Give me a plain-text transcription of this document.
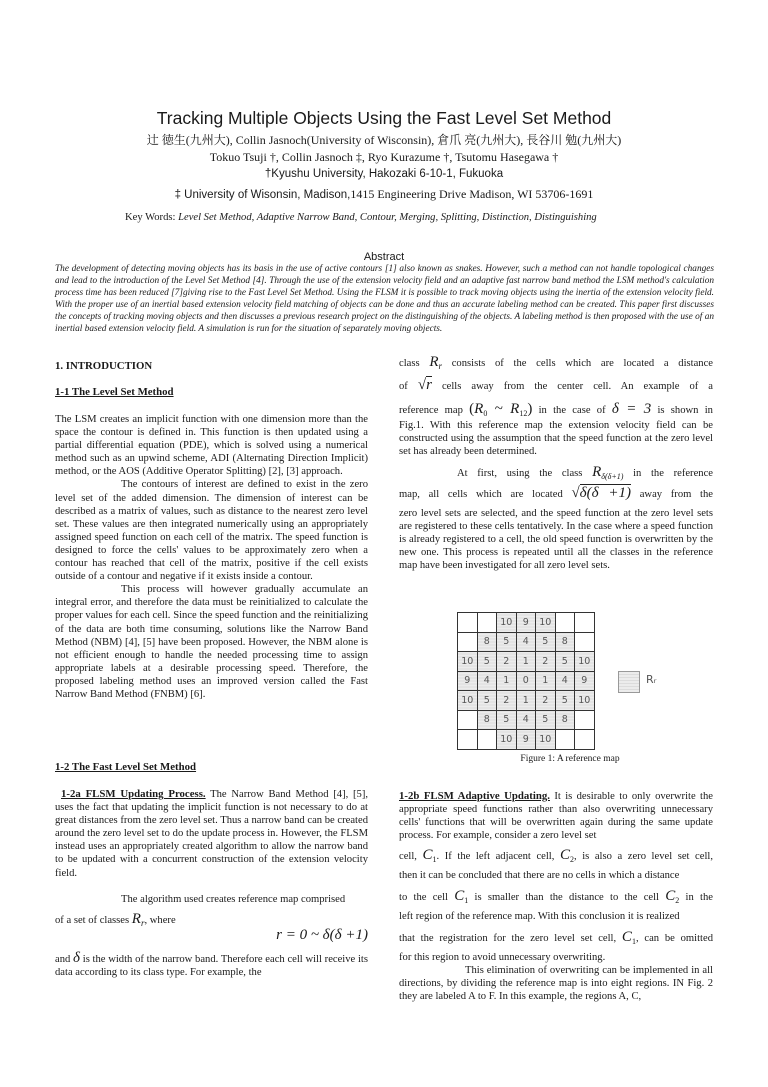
Tracking Multiple Objects Using the Fast Level Set Method
辻 徳生(九州大), Collin Jasnoch(University of Wisconsin), 倉爪 亮(九州大), 長谷川 勉(九州大)
Tokuo Tsuji †, Collin Jasnoch ‡, Ryo Kurazume †, Tsutomu Hasegawa †
†Kyushu University, Hakozaki 6-10-1, Fukuoka
‡ University of Wisonsin, Madison,1415 Engineering Drive Madison, WI 53706-1691
Key Words: Level Set Method, Adaptive Narrow Band, Contour, Merging, Splitting, Distinction, Distinguishing
Abstract
The development of detecting moving objects has its basis in the use of active contours [1] also known as snakes. However, such a method can not handle topological changes and lead to the introduction of the Level Set Method [4]. Through the use of the extension velocity field and an adaptive fast narrow band method the LSM method's calculation process time has been reduced [7]giving rise to the Fast Level Set Method. Using the FLSM it is possible to track moving objects using the inertia of the extension velocity field. With the proper use of an inertial based extension velocity field matching of objects can be done and thus an accurate labeling method can be created. This paper first discusses the concepts of tracking moving objects and then discusses a previous research project on the distinguishing of the objects. A labeling method is then proposed with the use of an inertial based extension velocity field. A simulation is run for the situation of separately moving objects.
1. INTRODUCTION
1-1 The Level Set Method
The LSM creates an implicit function with one dimension more than the space the contour is defined in. This function is then updated using a partial differential equation (PDE), which is solved using a numerical method such as an upwind scheme, ADI (Alternating Direction Implicit) method, or the AOS (Additive Operator Splitting) [2], [3] approach.
The contours of interest are defined to exist in the zero level set of the added dimension. The dimension of interest can be described as a matrix of values, such as distance to the nearest zero level set. These values are then integrated numerically using an appropriately assigned speed function on each cell of the matrix. The speed function is designed to force the cells' values to be approximately zero when a contour has reached that cell of the matrix, positive if the cell exists outside of a contour and negative if it exists inside a contour.
This process will however gradually accumulate an integral error, and therefore the data must be reinitialized to calculate the proper values for each cell. Since the speed function and the reinitializing of the data are both time consuming, solutions like the Narrow Band Method (NBM) [4], [5] have been proposed. However, the NBM alone is not efficient enough to handle the needed processing time to assign appropriate labels at a desirable processing speed. Therefore, the proposed labeling method uses an improved version called the Fast Narrow Band Method (FNBM) [6].
1-2 The Fast Level Set Method
1-2a FLSM Updating Process. The Narrow Band Method [4], [5], uses the fact that updating the implicit function is not necessary to do at great distances from the zero level set. Thus a narrow band can be created around the zero level set to do the update process in. However, the FLSM instead uses an appropriately created algorithm to allow the narrow band to be updated with a concurrent construction of the extension velocity field.
The algorithm used creates reference map comprised
of a set of classes $R_r$, where
r = 0 ~ δ(δ +1)
and δ is the width of the narrow band. Therefore each cell will receive its data according to its class type. For example, the
class $R_r$ consists of the cells which are located a distance
of √r cells away from the center cell. An example of a
reference map ($R_0$ ~ $R_{12}$) in the case of δ = 3 is shown in
Fig.1. With this reference map the extension velocity field can be constructed using the assumption that the speed function at the zero level set has already been determined.
At first, using the class $R_{\delta(\delta+1)}$ in the reference
map, all cells which are located √δ(δ +1) away from the
zero level sets are selected, and the speed function at the zero level sets are registered to these cells tentatively. In the case where a speed function is already registered to a cell, the old speed function is overwritten by the new one. This process is repeated until all the classes in the reference map have been investigated for all zero level sets.
		10	9	10		
	8	5	4	5	8	
10	5	2	1	2	5	10
9	4	1	0	1	4	9
10	5	2	1	2	5	10
	8	5	4	5	8	
		10	9	10		
Rᵣ
Figure 1: A reference map
1-2b FLSM Adaptive Updating. It is desirable to only overwrite the appropriate speed functions rather than also overwriting unnecessary cells' functions that will be overwritten again during the same update process. For example, consider a zero level set
cell, $C_1$. If the left adjacent cell, $C_2$, is also a zero level set cell,
then it can be concluded that there are no cells in which a distance
to the cell $C_1$ is smaller than the distance to the cell $C_2$ in the
left region of the reference map. With this conclusion it is realized
that the registration for the zero level set cell, $C_1$, can be omitted
for this region to avoid unnecessary overwriting.
This elimination of overwriting can be implemented in all directions, by dividing the reference map is into eight regions. IN Fig. 2 they are labeled A to F. In this example, the regions A, C,
